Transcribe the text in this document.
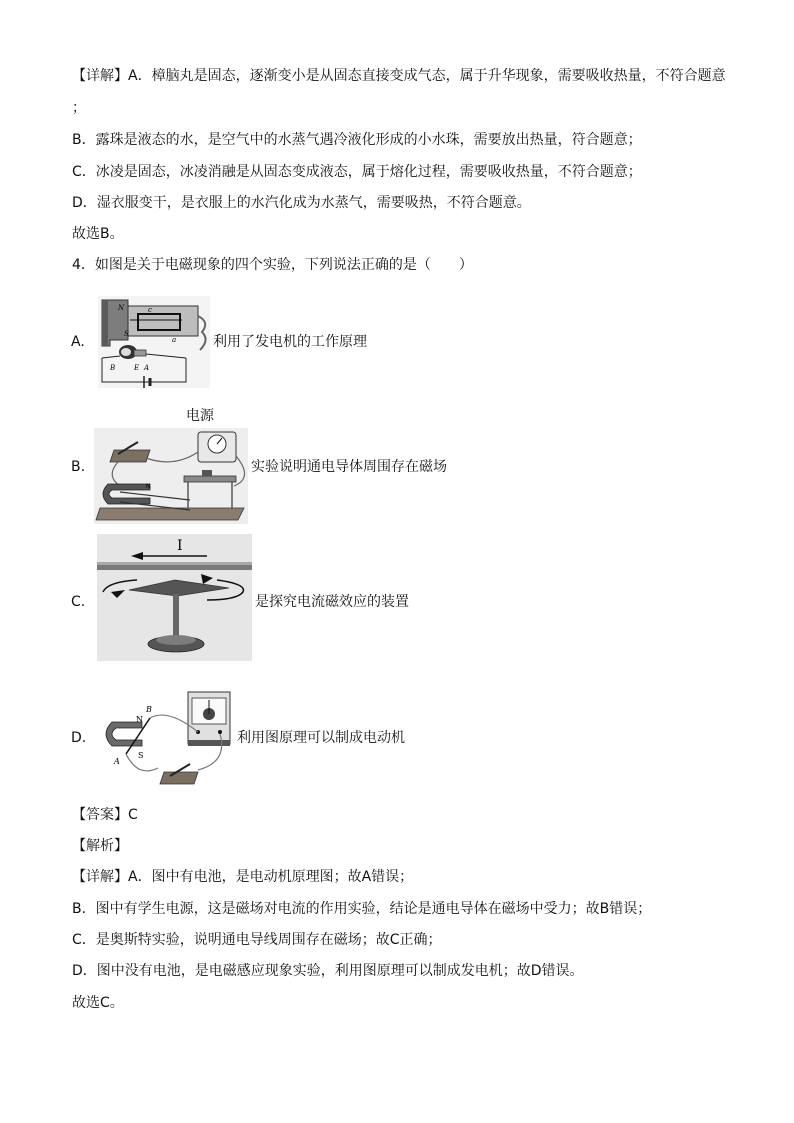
【详解】A．樟脑丸是固态，逐渐变小是从固态直接变成气态，属于升华现象，需要吸收热量，不符合题意
；
B．露珠是液态的水，是空气中的水蒸气遇冷液化形成的小水珠，需要放出热量，符合题意；
C．冰凌是固态，冰凌消融是从固态变成液态，属于熔化过程，需要吸收热量，不符合题意；
D．湿衣服变干，是衣服上的水汽化成为水蒸气，需要吸热，不符合题意。
故选B。
4．如图是关于电磁现象的四个实验，下列说法正确的是（　　）
A.
N
S
c
a
B	E A
利用了发电机的工作原理
电源
B.
N
实验说明通电导体周围存在磁场
C.
I
是探究电流磁效应的装置
D.
N
S
B
A
利用图原理可以制成电动机
【答案】C
【解析】
【详解】A．图中有电池，是电动机原理图；故A错误；
B．图中有学生电源，这是磁场对电流的作用实验，结论是通电导体在磁场中受力；故B错误；
C．是奥斯特实验，说明通电导线周围存在磁场；故C正确；
D．图中没有电池，是电磁感应现象实验，利用图原理可以制成发电机；故D错误。
故选C。
